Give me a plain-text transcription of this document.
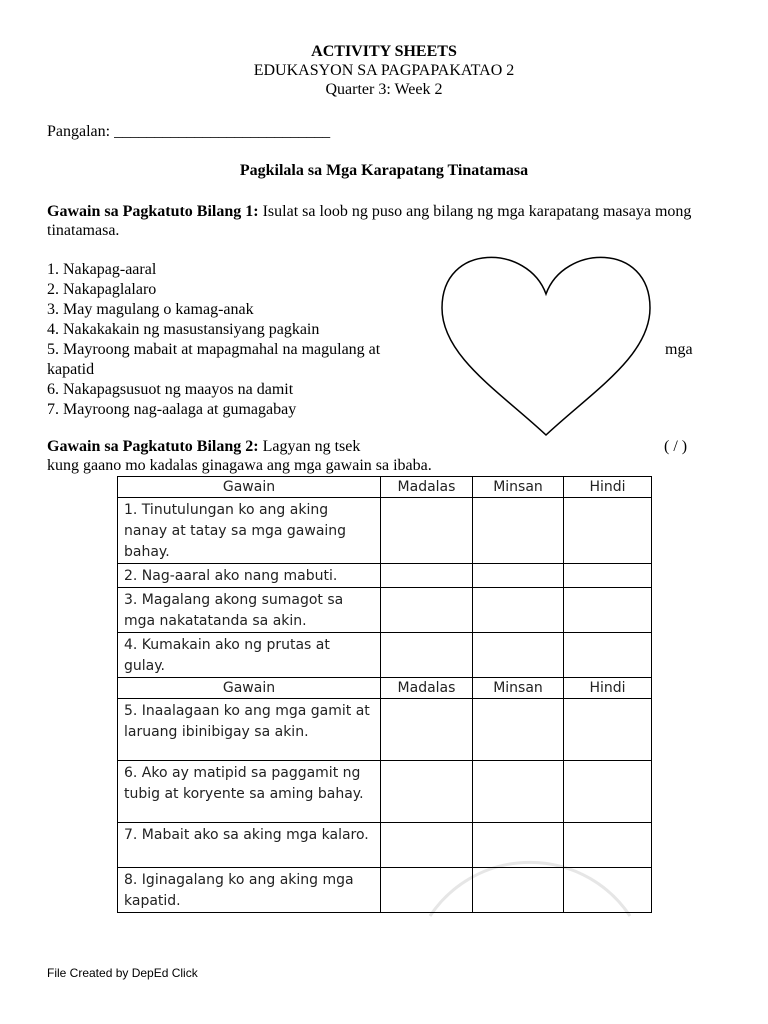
ACTIVITY SHEETS
EDUKASYON SA PAGPAPAKATAO 2
Quarter 3: Week 2
Pangalan: ___________________________
Pagkilala sa Mga Karapatang Tinatamasa
Gawain sa Pagkatuto Bilang 1: Isulat sa loob ng puso ang bilang ng mga karapatang masaya mong tinatamasa.
1. Nakapag-aaral
2. Nakapaglalaro
3. May magulang o kamag-anak
4. Nakakakain ng masustansiyang pagkain
5. Mayroong mabait at mapagmahal na magulang at	mga
kapatid
6. Nakapagsusuot ng maayos na damit
7. Mayroong nag-aalaga at gumagabay
Gawain sa Pagkatuto Bilang 2: Lagyan ng tsek	( / )
kung gaano mo kadalas ginagawa ang mga gawain sa ibaba.
Gawain	Madalas	Minsan	Hindi
1. Tinutulungan ko ang aking nanay at tatay sa mga gawaing bahay.			
2. Nag-aaral ako nang mabuti.			
3. Magalang akong sumagot sa mga nakatatanda sa akin.			
4. Kumakain ako ng prutas at gulay.			
Gawain	Madalas	Minsan	Hindi
5. Inaalagaan ko ang mga gamit at laruang ibinibigay sa akin.			
6. Ako ay matipid sa paggamit ng tubig at koryente sa aming bahay.			
7. Mabait ako sa aking mga kalaro.			
8. Iginagalang ko ang aking mga kapatid.			
File Created by DepEd Click
